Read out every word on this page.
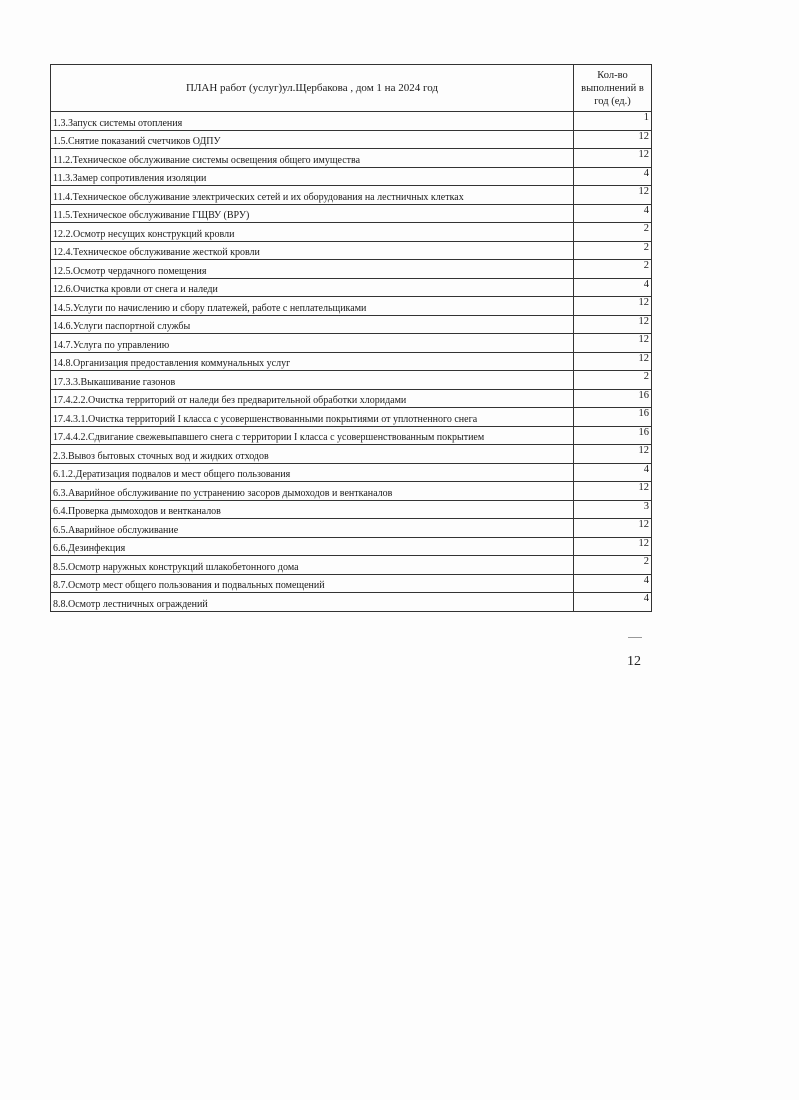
ПЛАН работ (услуг)ул.Щербакова , дом 1 на 2024 год	Кол-во выполнений в год (ед.)
1.3.Запуск системы отопления	1
1.5.Снятие показаний счетчиков ОДПУ	12
11.2.Техническое обслуживание системы освещения общего имущества	12
11.3.Замер сопротивления изоляции	4
11.4.Техническое обслуживание электрических сетей и их оборудования на лестничных клетках	12
11.5.Техническое обслуживание ГЩВУ (ВРУ)	4
12.2.Осмотр несущих конструкций кровли	2
12.4.Техническое обслуживание жесткой кровли	2
12.5.Осмотр чердачного помещения	2
12.6.Очистка кровли от снега и наледи	4
14.5.Услуги по начислению и сбору платежей, работе с неплательщиками	12
14.6.Услуги паспортной службы	12
14.7.Услуга по управлению	12
14.8.Организация предоставления коммунальных услуг	12
17.3.3.Выкашивание газонов	2
17.4.2.2.Очистка территорий от наледи без предварительной обработки хлоридами	16
17.4.3.1.Очистка территорий I класса с усовершенствованными покрытиями от уплотненного снега	16
17.4.4.2.Сдвигание свежевыпавшего снега с территории I класса с усовершенствованным покрытием	16
2.3.Вывоз бытовых сточных вод и жидких отходов	12
6.1.2.Дератизация подвалов и мест общего пользования	4
6.3.Аварийное обслуживание по устранению засоров дымоходов и вентканалов	12
6.4.Проверка дымоходов и вентканалов	3
6.5.Аварийное обслуживание	12
6.6.Дезинфекция	12
8.5.Осмотр наружных конструкций шлакобетонного дома	2
8.7.Осмотр мест общего пользования и подвальных помещений	4
8.8.Осмотр лестничных ограждений	4
12
